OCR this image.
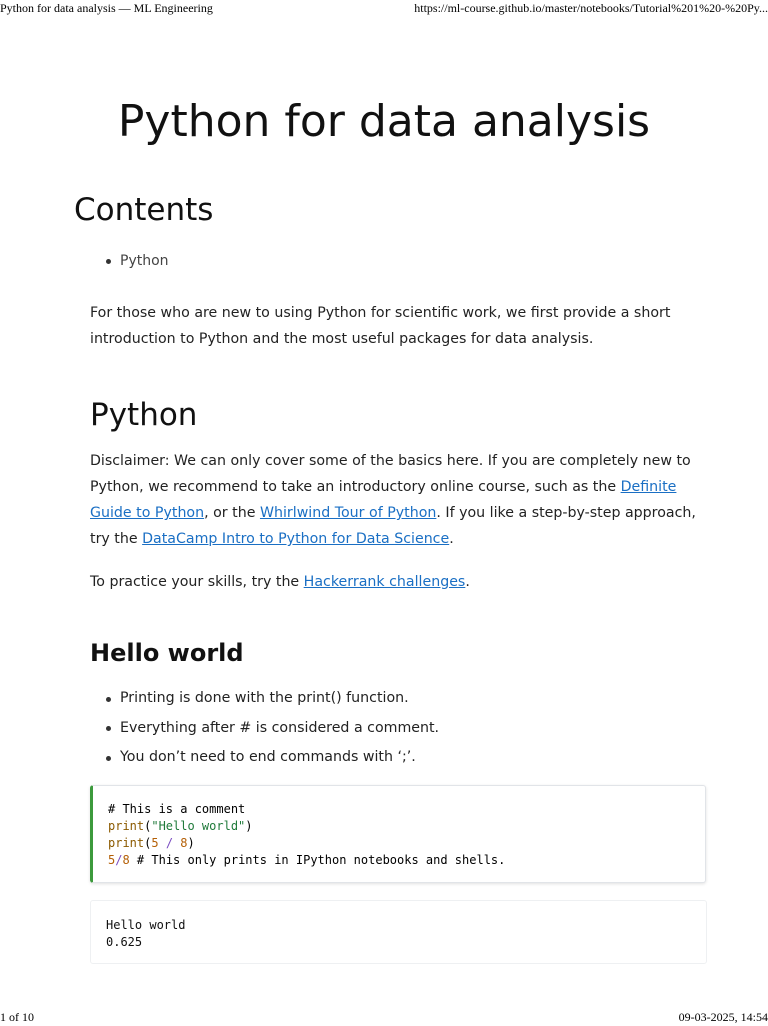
Python for data analysis — ML Engineering	https://ml-course.github.io/master/notebooks/Tutorial%201%20-%20Py...
Python for data analysis
Contents
Python

For those who are new to using Python for scientific work, we first provide a short introduction to Python and the most useful packages for data analysis.

Python

Disclaimer: We can only cover some of the basics here. If you are completely new to Python, we recommend to take an introductory online course, such as the Definite Guide to Python, or the Whirlwind Tour of Python. If you like a step-by-step approach, try the DataCamp Intro to Python for Data Science.

To practice your skills, try the Hackerrank challenges.

Hello world
Printing is done with the print() function.
Everything after # is considered a comment.
You don’t need to end commands with ‘;’.
# This is a comment
print("Hello world")
print(5 / 8)
5/8 # This only prints in IPython notebooks and shells.
Hello world
0.625
1 of 10	09-03-2025, 14:54
